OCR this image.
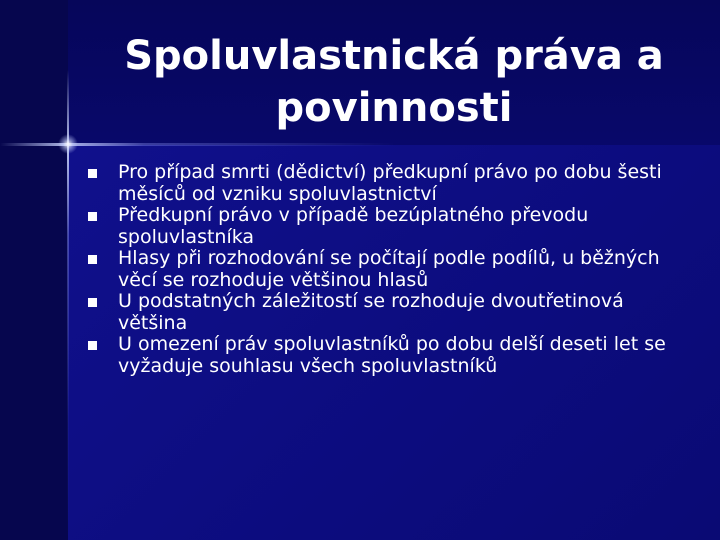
Spoluvlastnická práva a povinnosti
Pro případ smrti (dědictví) předkupní právo po dobu šesti měsíců od vzniku spoluvlastnictví
Předkupní právo v případě bezúplatného převodu spoluvlastníka
Hlasy při rozhodování se počítají podle podílů, u běžných věcí se rozhoduje většinou hlasů
U podstatných záležitostí se rozhoduje dvoutřetinová většina
U omezení práv spoluvlastníků po dobu delší deseti let se vyžaduje souhlasu všech spoluvlastníků
